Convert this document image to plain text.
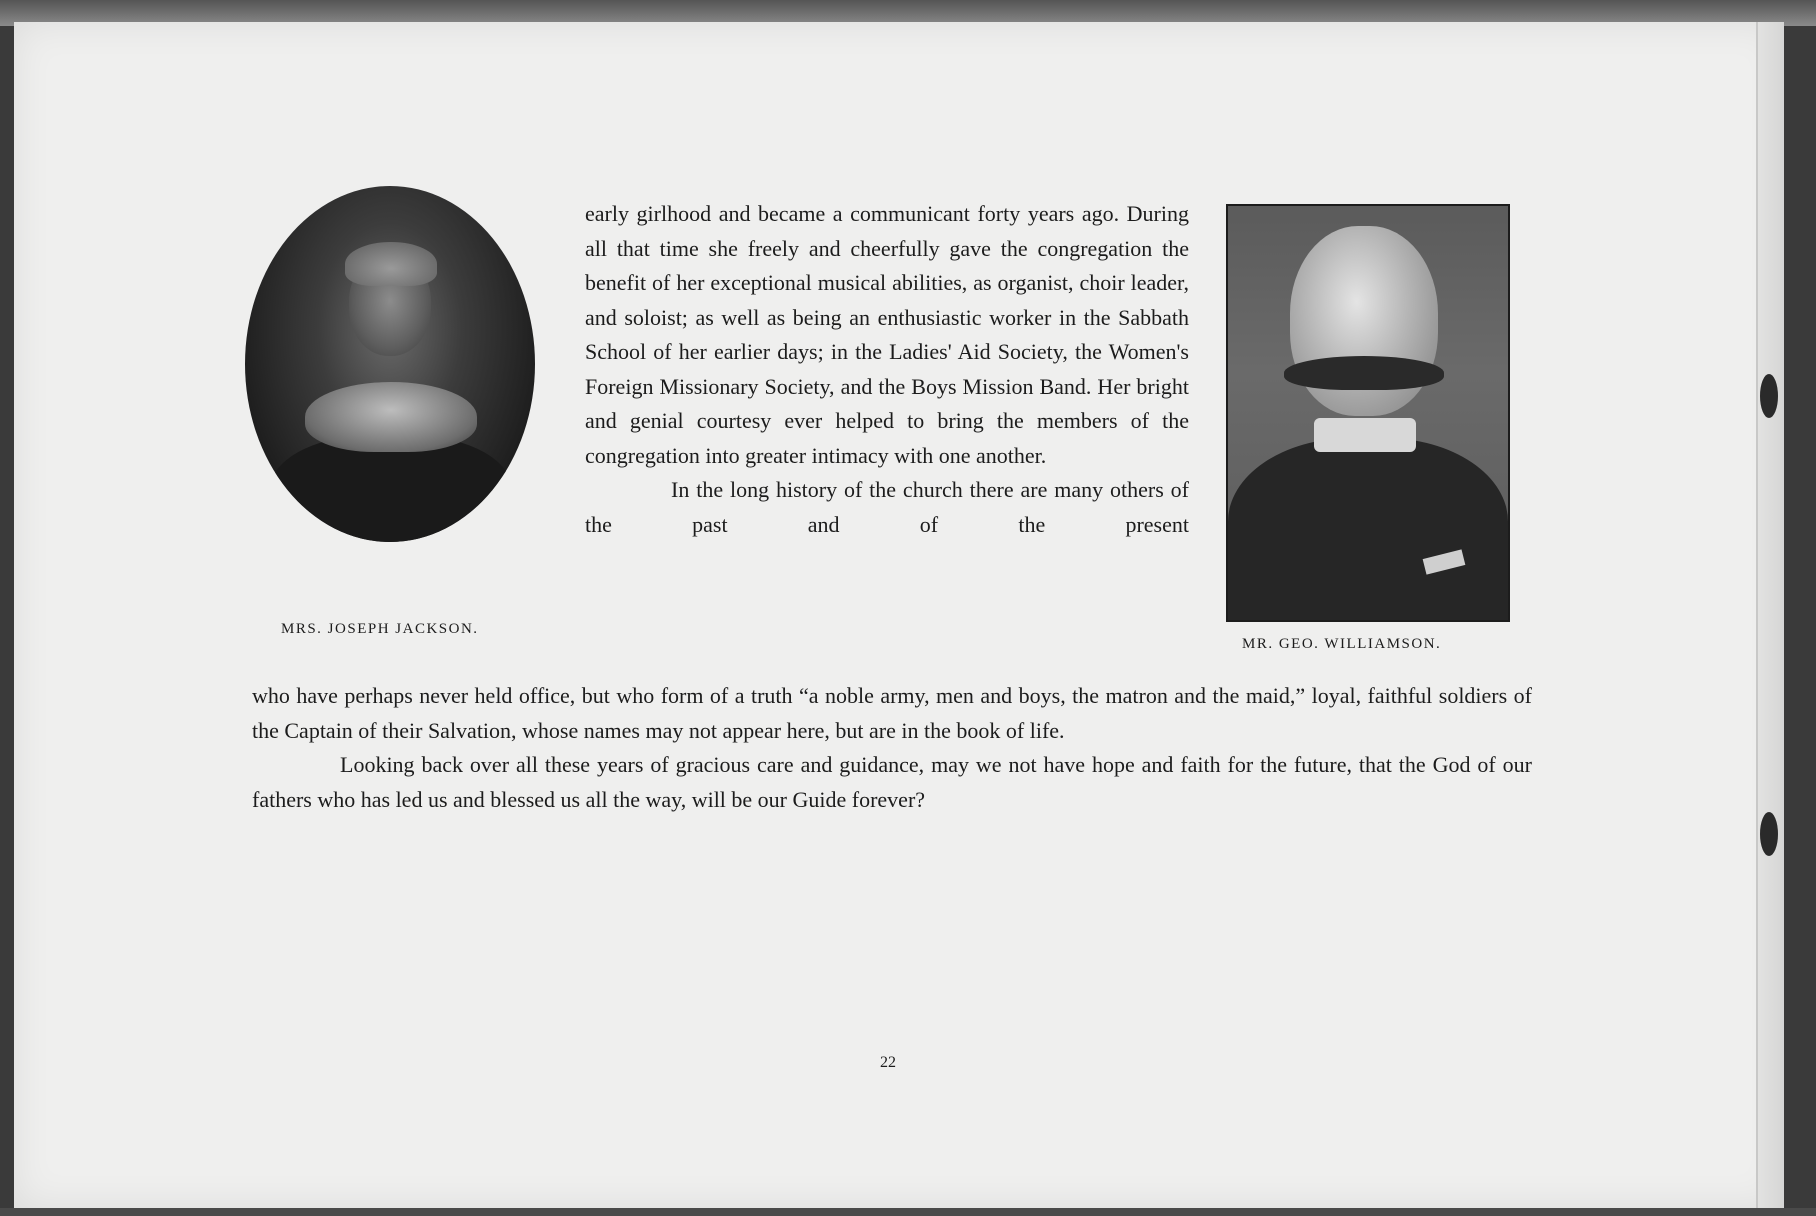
MRS. JOSEPH JACKSON.
MR. GEO. WILLIAMSON.

early girlhood and became a communicant forty years ago. During all that time she freely and cheerfully gave the congregation the benefit of her exceptional musical abilities, as organist, choir leader, and soloist; as well as being an enthusiastic worker in the Sabbath School of her earlier days; in the Ladies' Aid Society, the Women's Foreign Missionary Society, and the Boys Mission Band. Her bright and genial courtesy ever helped to bring the members of the congregation into greater intimacy with one another.

In the long history of the church there are many others of the past and of the present

who have perhaps never held office, but who form of a truth “a noble army, men and boys, the matron and the maid,” loyal, faithful soldiers of the Captain of their Salvation, whose names may not appear here, but are in the book of life.

Looking back over all these years of gracious care and guidance, may we not have hope and faith for the future, that the God of our fathers who has led us and blessed us all the way, will be our Guide forever?

22
